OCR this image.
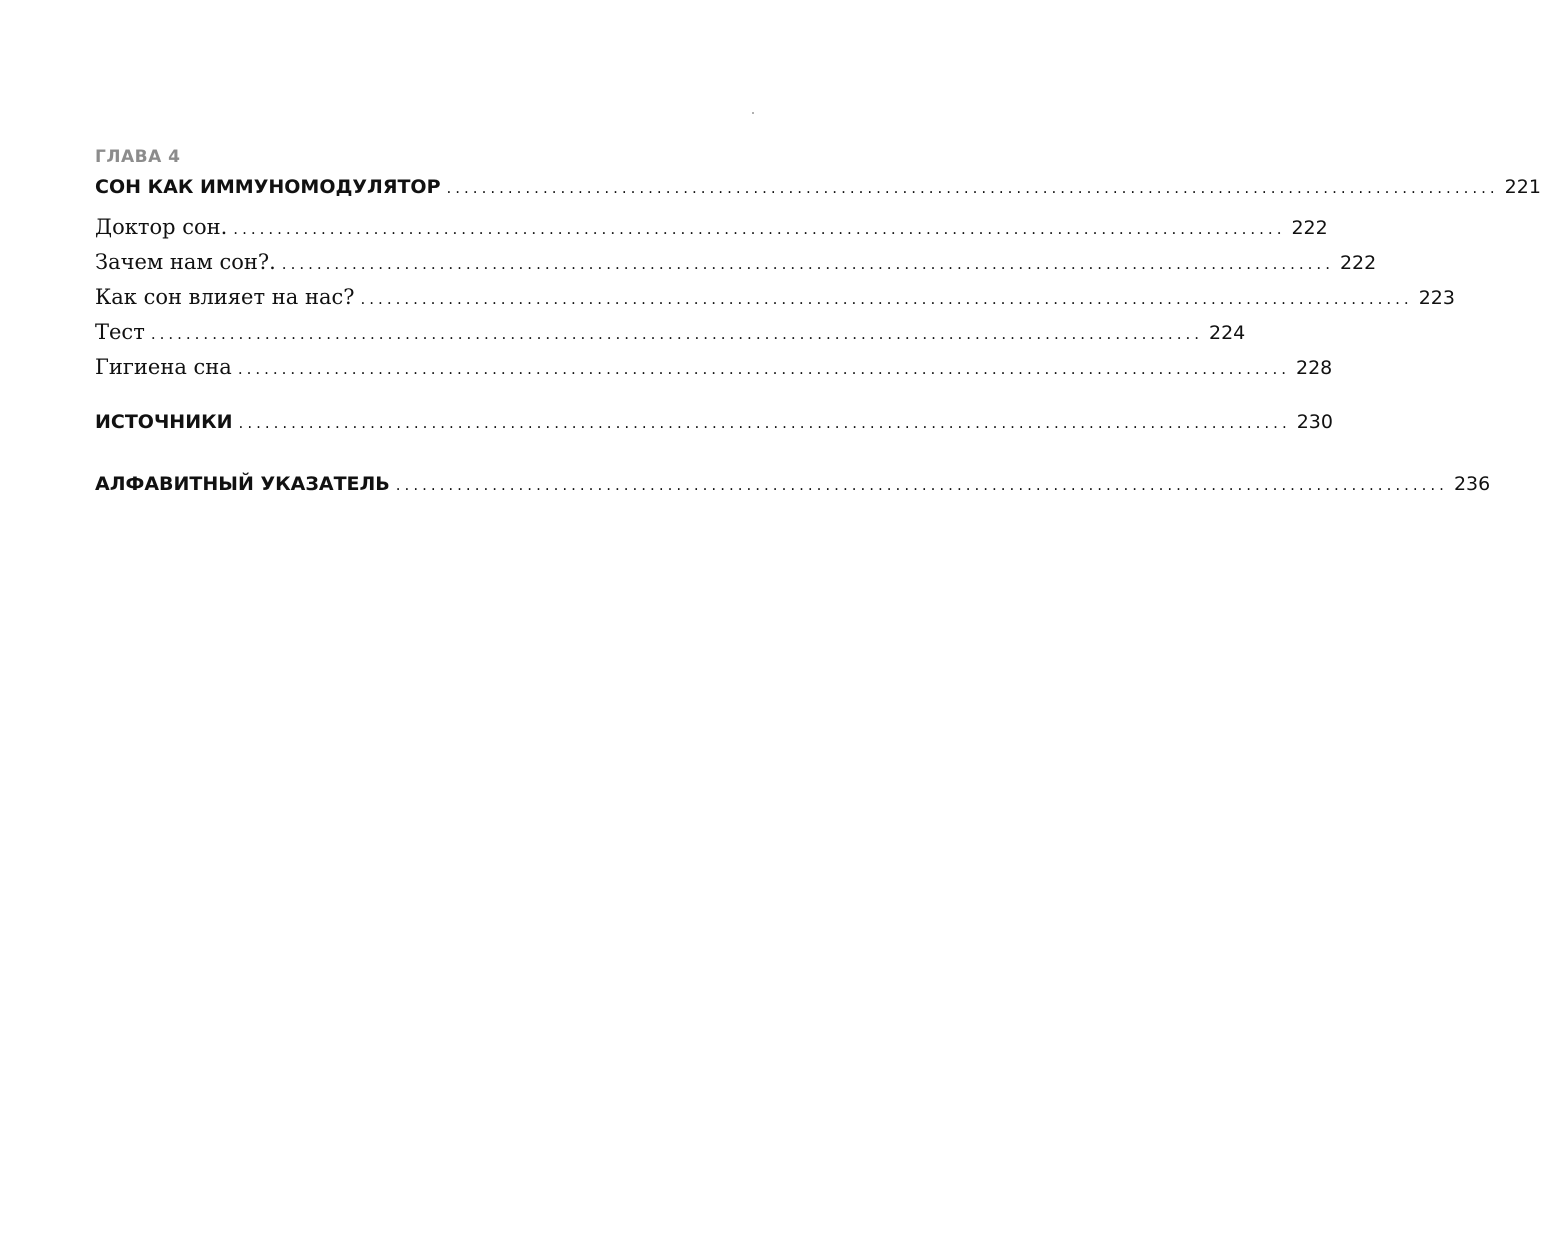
ГЛАВА 4
СОН КАК ИММУНОМОДУЛЯТОР ........................................................................................................................ 221
Доктор сон. ........................................................................................................................ 222
Зачем нам сон?. ........................................................................................................................ 222
Как сон влияет на нас? ........................................................................................................................ 223
Тест ........................................................................................................................ 224
Гигиена сна ........................................................................................................................ 228
ИСТОЧНИКИ ........................................................................................................................ 230
АЛФАВИТНЫЙ УКАЗАТЕЛЬ ........................................................................................................................ 236
